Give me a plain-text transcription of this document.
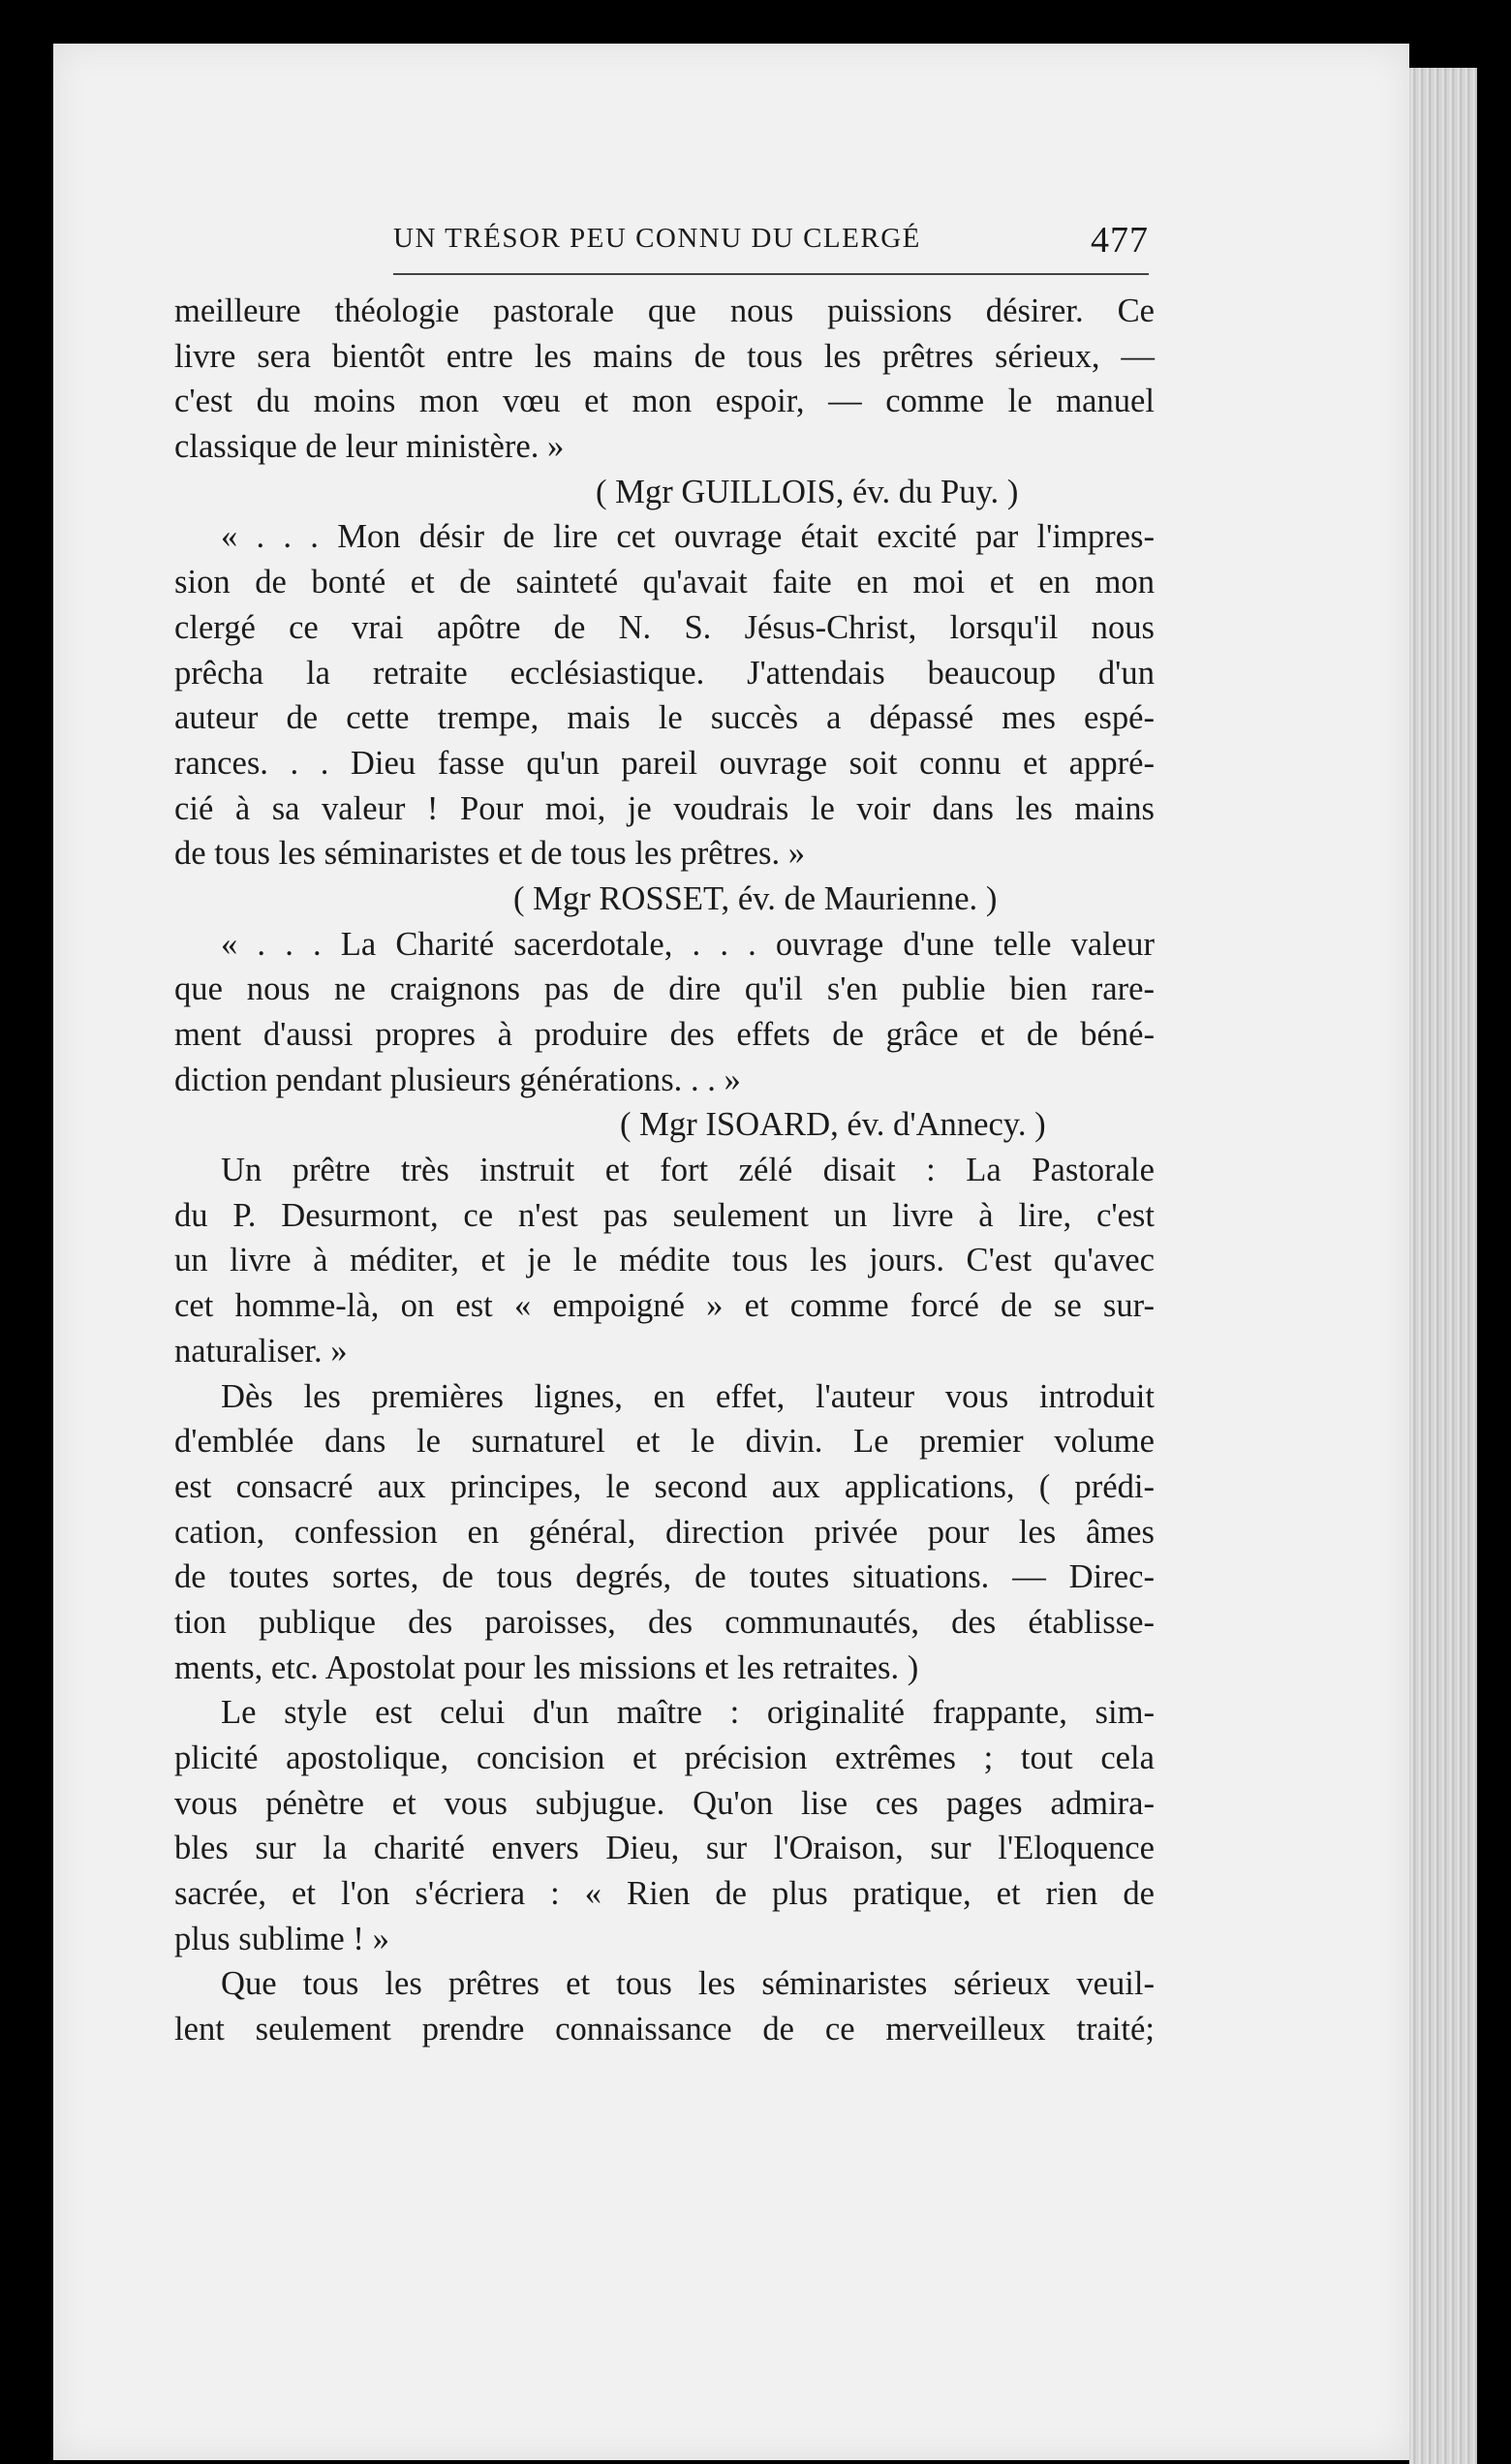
UN TRÉSOR PEU CONNU DU CLERGÉ	477
meilleure théologie pastorale que nous puissions désirer. Ce
livre sera bientôt entre les mains de tous les prêtres sérieux, —
c'est du moins mon vœu et mon espoir, — comme le manuel
classique de leur ministère. »
( Mgr GUILLOIS, év. du Puy. )
« . . . Mon désir de lire cet ouvrage était excité par l'impres-
sion de bonté et de sainteté qu'avait faite en moi et en mon
clergé ce vrai apôtre de N. S. Jésus-Christ, lorsqu'il nous
prêcha la retraite ecclésiastique. J'attendais beaucoup d'un
auteur de cette trempe, mais le succès a dépassé mes espé-
rances. . . Dieu fasse qu'un pareil ouvrage soit connu et appré-
cié à sa valeur ! Pour moi, je voudrais le voir dans les mains
de tous les séminaristes et de tous les prêtres. »
( Mgr ROSSET, év. de Maurienne. )
« . . . La Charité sacerdotale, . . . ouvrage d'une telle valeur
que nous ne craignons pas de dire qu'il s'en publie bien rare-
ment d'aussi propres à produire des effets de grâce et de béné-
diction pendant plusieurs générations. . . »
( Mgr ISOARD, év. d'Annecy. )
Un prêtre très instruit et fort zélé disait : La Pastorale
du P. Desurmont, ce n'est pas seulement un livre à lire, c'est
un livre à méditer, et je le médite tous les jours. C'est qu'avec
cet homme-là, on est « empoigné » et comme forcé de se sur-
naturaliser. »
Dès les premières lignes, en effet, l'auteur vous introduit
d'emblée dans le surnaturel et le divin. Le premier volume
est consacré aux principes, le second aux applications, ( prédi-
cation, confession en général, direction privée pour les âmes
de toutes sortes, de tous degrés, de toutes situations. — Direc-
tion publique des paroisses, des communautés, des établisse-
ments, etc. Apostolat pour les missions et les retraites. )
Le style est celui d'un maître : originalité frappante, sim-
plicité apostolique, concision et précision extrêmes ; tout cela
vous pénètre et vous subjugue. Qu'on lise ces pages admira-
bles sur la charité envers Dieu, sur l'Oraison, sur l'Eloquence
sacrée, et l'on s'écriera : « Rien de plus pratique, et rien de
plus sublime ! »
Que tous les prêtres et tous les séminaristes sérieux veuil-
lent seulement prendre connaissance de ce merveilleux traité;
